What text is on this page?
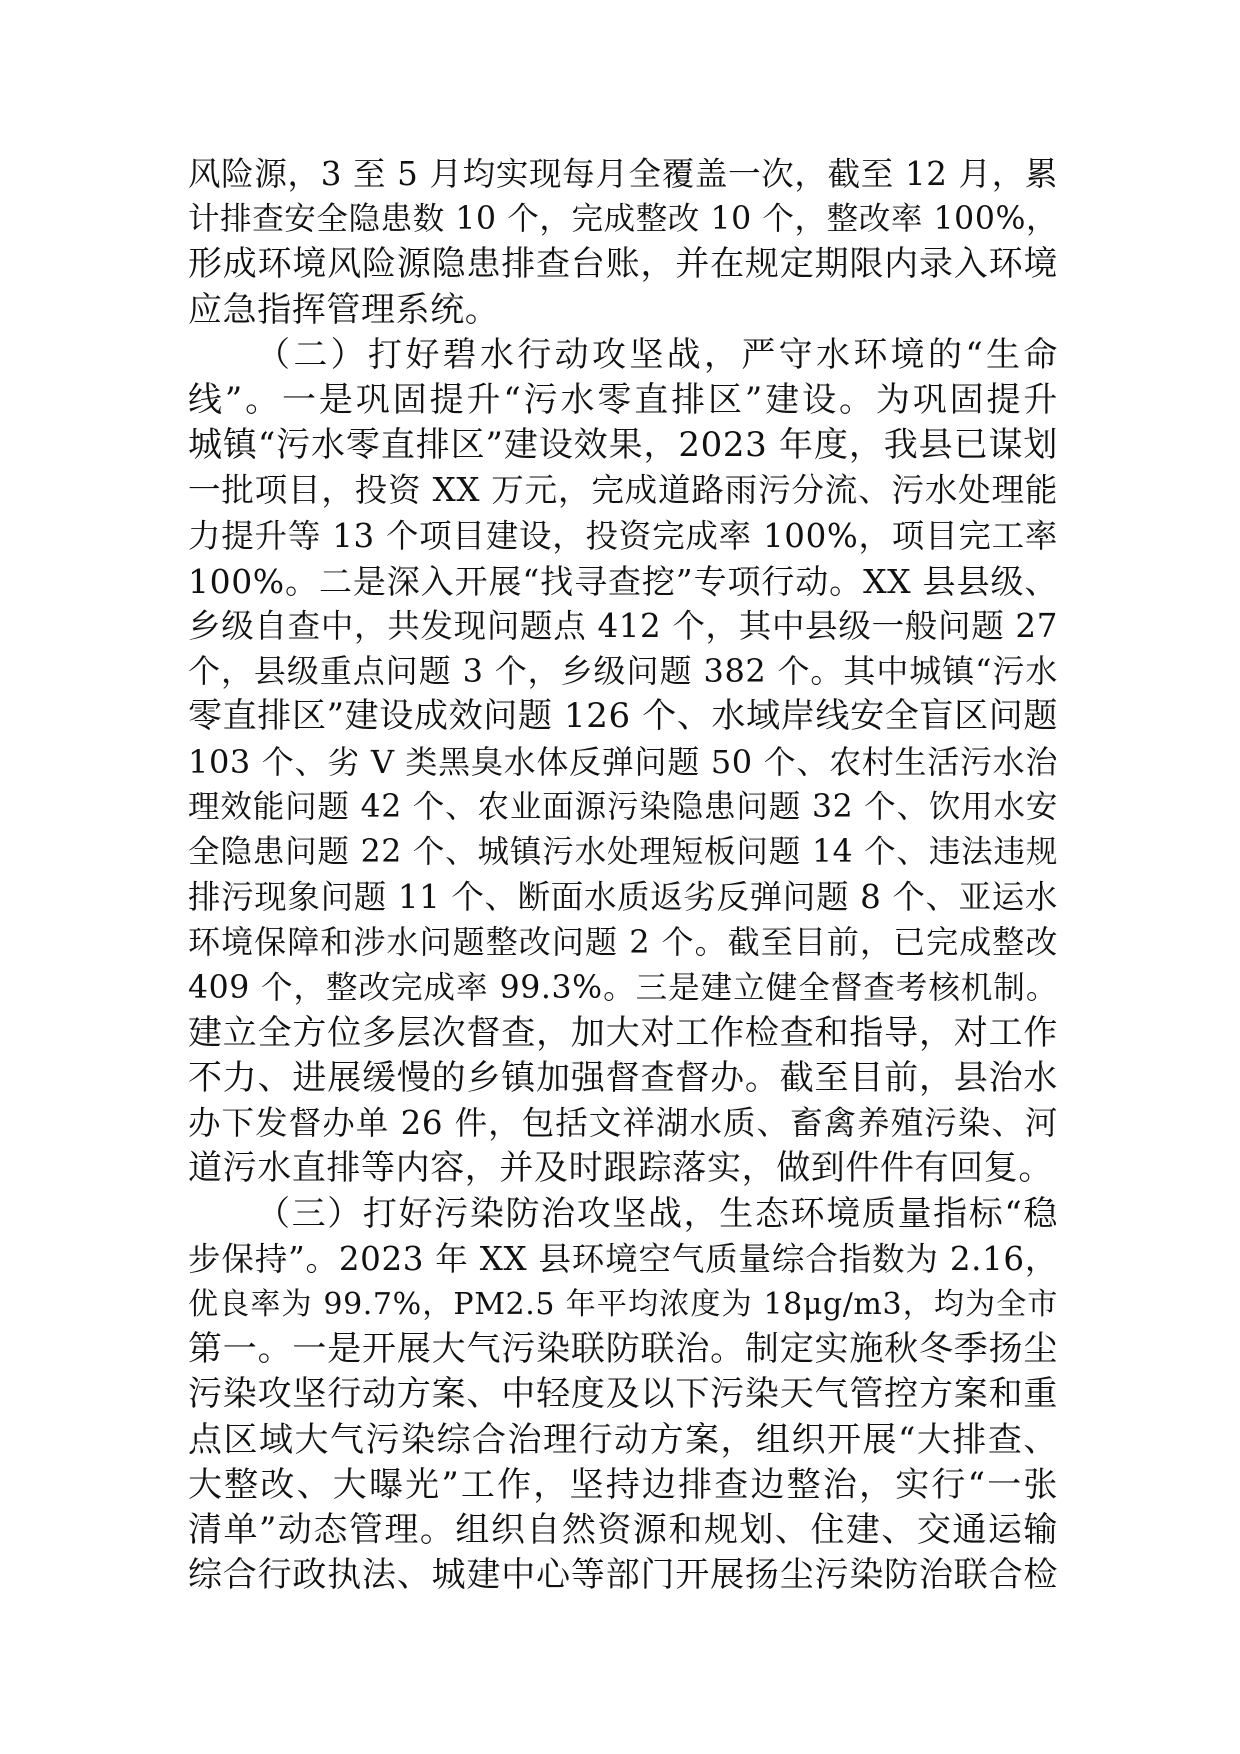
风险源，3 至 5 月均实现每月全覆盖一次，截至 12 月，累
计排查安全隐患数 10 个，完成整改 10 个，整改率 100%，
形成环境风险源隐患排查台账，并在规定期限内录入环境
应急指挥管理系统。
（二）打好碧水行动攻坚战，严守水环境的“生命
线”。一是巩固提升“污水零直排区”建设。为巩固提升
城镇“污水零直排区”建设效果，2023 年度，我县已谋划
一批项目，投资 XX 万元，完成道路雨污分流、污水处理能
力提升等 13 个项目建设，投资完成率 100%，项目完工率
100%。二是深入开展“找寻查挖”专项行动。XX 县县级、
乡级自查中，共发现问题点 412 个，其中县级一般问题 27
个，县级重点问题 3 个，乡级问题 382 个。其中城镇“污水
零直排区”建设成效问题 126 个、水域岸线安全盲区问题
103 个、劣 V 类黑臭水体反弹问题 50 个、农村生活污水治
理效能问题 42 个、农业面源污染隐患问题 32 个、饮用水安
全隐患问题 22 个、城镇污水处理短板问题 14 个、违法违规
排污现象问题 11 个、断面水质返劣反弹问题 8 个、亚运水
环境保障和涉水问题整改问题 2 个。截至目前，已完成整改
409 个，整改完成率 99.3%。三是建立健全督查考核机制。
建立全方位多层次督查，加大对工作检查和指导，对工作
不力、进展缓慢的乡镇加强督查督办。截至目前，县治水
办下发督办单 26 件，包括文祥湖水质、畜禽养殖污染、河
道污水直排等内容，并及时跟踪落实，做到件件有回复。
（三）打好污染防治攻坚战，生态环境质量指标“稳
步保持”。2023 年 XX 县环境空气质量综合指数为 2.16，
优良率为 99.7%，PM2.5 年平均浓度为 18μg/m3，均为全市
第一。一是开展大气污染联防联治。制定实施秋冬季扬尘
污染攻坚行动方案、中轻度及以下污染天气管控方案和重
点区域大气污染综合治理行动方案，组织开展“大排查、
大整改、大曝光”工作，坚持边排查边整治，实行“一张
清单”动态管理。组织自然资源和规划、住建、交通运输
综合行政执法、城建中心等部门开展扬尘污染防治联合检
